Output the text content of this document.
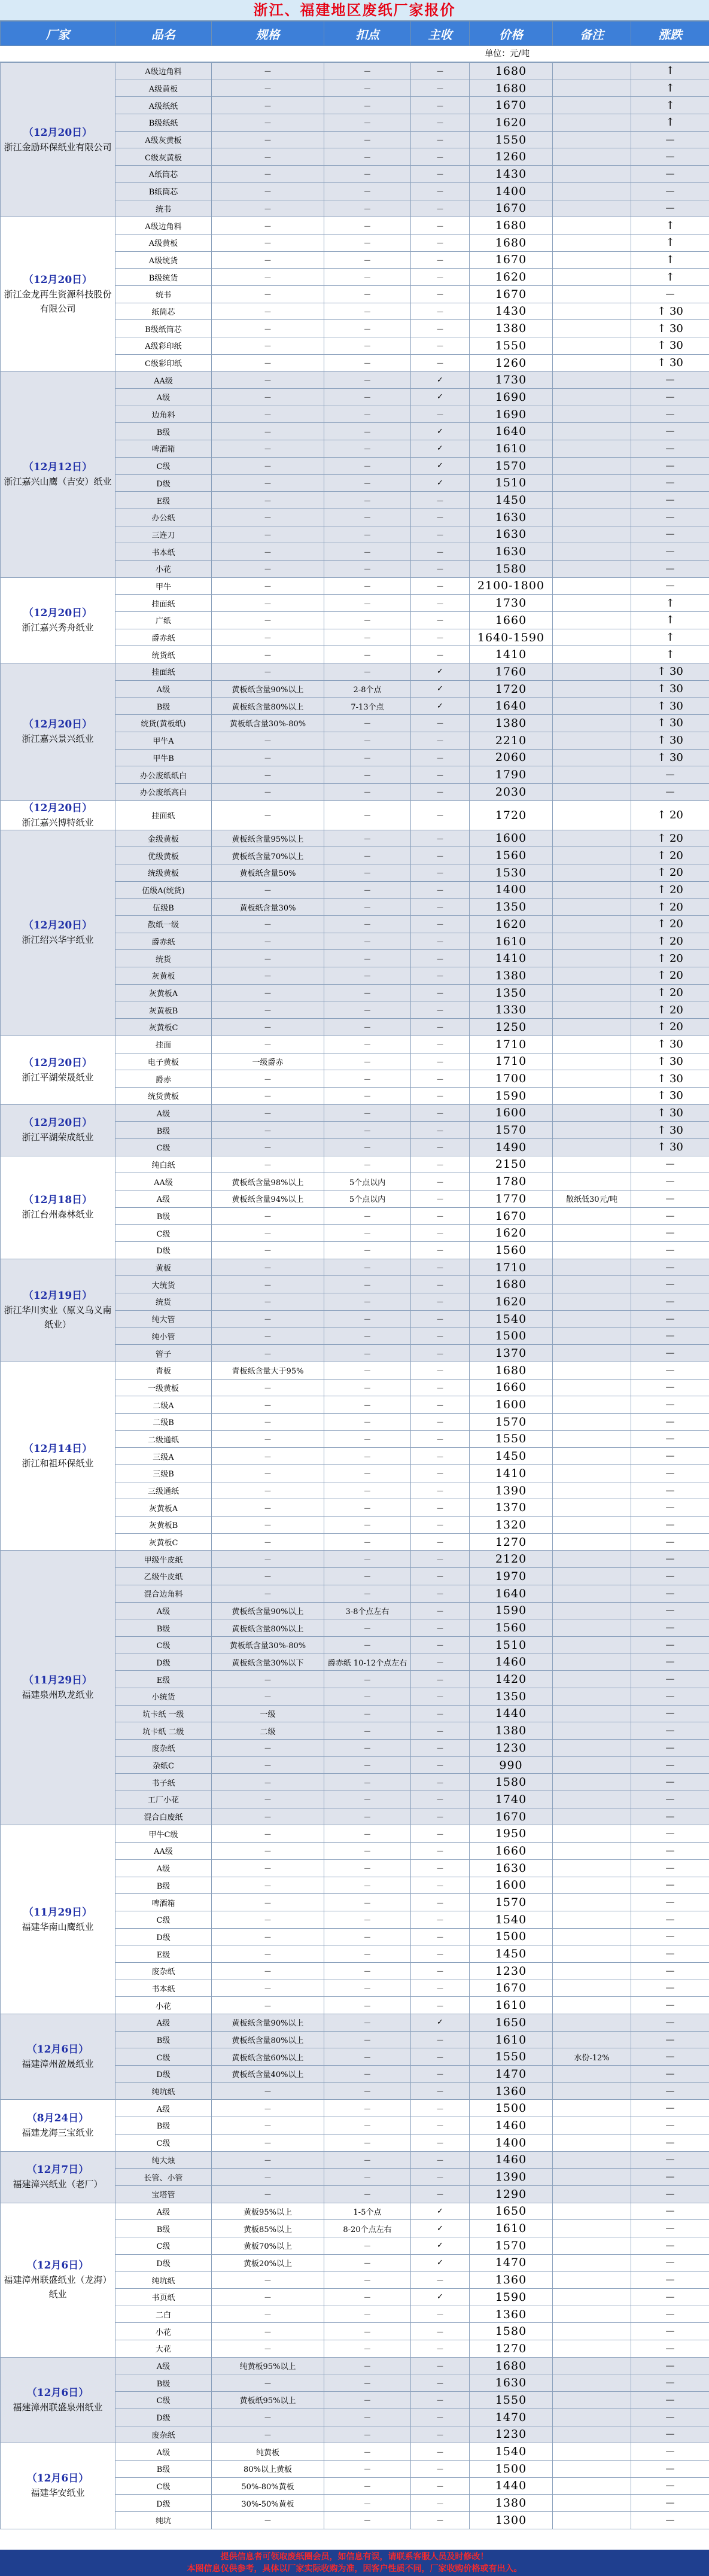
浙江、福建地区废纸厂家报价
厂家	品名	规格	扣点	主收	价格	备注	涨跌
单位：元/吨
（12月20日）
浙江金励环保纸业有限公司	A级边角料	－	－	－	1680		↑
	A级黄板	－	－	－	1680		↑
	A级纸纸	－	－	－	1670		↑
	B级纸纸	－	－	－	1620		↑
	A级灰黄板	－	－	－	1550		－
	C级灰黄板	－	－	－	1260		－
	A纸筒芯	－	－	－	1430		－
	B纸筒芯	－	－	－	1400		－
	统书	－	－	－	1670		－

（12月20日）
浙江金龙再生资源科技股份有限公司	A级边角料	－	－	－	1680		↑
	A级黄板	－	－	－	1680		↑
	A级统货	－	－	－	1670		↑
	B级统货	－	－	－	1620		↑
	统书	－	－	－	1670		－
	纸筒芯	－	－	－	1430		↑ 30
	B级纸筒芯	－	－	－	1380		↑ 30
	A级彩印纸	－	－	－	1550		↑ 30
	C级彩印纸	－	－	－	1260		↑ 30

（12月12日）
浙江嘉兴山鹰（吉安）纸业	AA级	－	－	✓	1730		－
	A级	－	－	✓	1690		－
	边角料	－	－	－	1690		－
	B级	－	－	✓	1640		－
	啤酒箱	－	－	✓	1610		－
	C级	－	－	✓	1570		－
	D级	－	－	✓	1510		－
	E级	－	－	－	1450		－
	办公纸	－	－	－	1630		－
	三连刀	－	－	－	1630		－
	书本纸	－	－	－	1630		－
	小花	－	－	－	1580		－

（12月20日）
浙江嘉兴秀舟纸业	甲牛	－	－	－	2100-1800		－
	挂面纸	－	－	－	1730		↑
	广纸	－	－	－	1660		↑
	爵赤纸	－	－	－	1640-1590		↑
	统货纸	－	－	－	1410		↑

（12月20日）
浙江嘉兴景兴纸业	挂面纸	－	－	✓	1760		↑ 30
	A级	黄板纸含量90%以上	2-8个点	✓	1720		↑ 30
	B级	黄板纸含量80%以上	7-13个点	✓	1640		↑ 30
	统货(黄板纸)	黄板纸含量30%-80%	－	－	1380		↑ 30
	甲牛A	－	－	－	2210		↑ 30
	甲牛B	－	－	－	2060		↑ 30
	办公废纸纸白	－	－	－	1790		－
	办公废纸高白	－	－	－	2030		－

（12月20日）
浙江嘉兴博特纸业	挂面纸	－	－	－	1720		↑ 20

（12月20日）
浙江绍兴华宇纸业	金级黄板	黄板纸含量95%以上	－	－	1600		↑ 20
	优级黄板	黄板纸含量70%以上	－	－	1560		↑ 20
	统级黄板	黄板纸含量50%	－	－	1530		↑ 20
	伍级A(统货)	－	－	－	1400		↑ 20
	伍级B	黄板纸含量30%	－	－	1350		↑ 20
	散纸一级	－	－	－	1620		↑ 20
	爵赤纸	－	－	－	1610		↑ 20
	统货	－	－	－	1410		↑ 20
	灰黄板	－	－	－	1380		↑ 20
	灰黄板A	－	－	－	1350		↑ 20
	灰黄板B	－	－	－	1330		↑ 20
	灰黄板C	－	－	－	1250		↑ 20

（12月20日）
浙江平湖荣晟纸业	挂面	－	－	－	1710		↑ 30
	电子黄板	一级爵赤	－	－	1710		↑ 30
	爵赤	－	－	－	1700		↑ 30
	统货黄板	－	－	－	1590		↑ 30

（12月20日）
浙江平湖荣成纸业	A级	－	－	－	1600		↑ 30
	B级	－	－	－	1570		↑ 30
	C级	－	－	－	1490		↑ 30

（12月18日）
浙江台州森林纸业	纯白纸	－	－	－	2150		－
	AA级	黄板纸含量98%以上	5个点以内	－	1780		－
	A级	黄板纸含量94%以上	5个点以内	－	1770	散纸低30元/吨	－
	B级	－	－	－	1670		－
	C级	－	－	－	1620		－
	D级	－	－	－	1560		－

（12月19日）
浙江华川实业（原义乌义南纸业）	黄板	－	－	－	1710		－
	大统货	－	－	－	1680		－
	统货	－	－	－	1620		－
	纯大管	－	－	－	1540		－
	纯小管	－	－	－	1500		－
	管子	－	－	－	1370		－

（12月14日）
浙江和祖环保纸业	青板	青板纸含量大于95%	－	－	1680		－
	一级黄板	－	－	－	1660		－
	二级A	－	－	－	1600		－
	二级B	－	－	－	1570		－
	二级通纸	－	－	－	1550		－
	三级A	－	－	－	1450		－
	三级B	－	－	－	1410		－
	三级通纸	－	－	－	1390		－
	灰黄板A	－	－	－	1370		－
	灰黄板B	－	－	－	1320		－
	灰黄板C	－	－	－	1270		－

（11月29日）
福建泉州玖龙纸业	甲级牛皮纸	－	－	－	2120		－
	乙级牛皮纸	－	－	－	1970		－
	混合边角料	－	－	－	1640		－
	A级	黄板纸含量90%以上	3-8个点左右	－	1590		－
	B级	黄板纸含量80%以上	－	－	1560		－
	C级	黄板纸含量30%-80%	－	－	1510		－
	D级	黄板纸含量30%以下	爵赤纸 10-12个点左右	－	1460		－
	E级	－	－	－	1420		－
	小统货	－	－	－	1350		－
	坑卡纸 一级	一级	－	－	1440		－
	坑卡纸 二级	二级	－	－	1380		－
	废杂纸	－	－	－	1230		－
	杂纸C	－	－	－	990		－
	书子纸	－	－	－	1580		－
	工厂小花	－	－	－	1740		－
	混合白废纸	－	－	－	1670		－

（11月29日）
福建华南山鹰纸业	甲牛C级	－	－	－	1950		－
	AA级	－	－	－	1660		－
	A级	－	－	－	1630		－
	B级	－	－	－	1600		－
	啤酒箱	－	－	－	1570		－
	C级	－	－	－	1540		－
	D级	－	－	－	1500		－
	E级	－	－	－	1450		－
	废杂纸	－	－	－	1230		－
	书本纸	－	－	－	1670		－
	小花	－	－	－	1610		－

（12月6日）
福建漳州盈晟纸业	A级	黄板纸含量90%以上	－	✓	1650		－
	B级	黄板纸含量80%以上	－	－	1610		－
	C级	黄板纸含量60%以上	－	－	1550	水份-12%	－
	D级	黄板纸含量40%以上	－	－	1470		－
	纯坑纸	－	－	－	1360		－

（8月24日）
福建龙海三宝纸业	A级	－	－	－	1500		－
	B级	－	－	－	1460		－
	C级	－	－	－	1400		－

（12月7日）
福建漳兴纸业（老厂）	纯大烛	－	－	－	1460		－
	长管、小管	－	－	－	1390		－
	宝塔管	－	－	－	1290		－

（12月6日）
福建漳州联盛纸业（龙海）纸业	A级	黄板95%以上	1-5个点	✓	1650		－
	B级	黄板85%以上	8-20个点左右	✓	1610		－
	C级	黄板70%以上	－	✓	1570		－
	D级	黄板20%以上	－	✓	1470		－
	纯坑纸	－	－	－	1360		－
	书页纸	－	－	✓	1590		－
	二白	－	－	－	1360		－
	小花	－	－	－	1580		－
	大花	－	－	－	1270		－

（12月6日）
福建漳州联盛泉州纸业	A级	纯黄板95%以上	－	－	1680		－
	B级	－	－	－	1630		－
	C级	黄板纸95%以上	－	－	1550		－
	D级	－	－	－	1470		－
	废杂纸	－	－	－	1230		－

（12月6日）
福建华安纸业	A级	纯黄板	－	－	1540		－
	B级	80%以上黄板	－	－	1500		－
	C级	50%-80%黄板	－	－	1440		－
	D级	30%-50%黄板	－	－	1380		－
	纯坑	－	－	－	1300		－
提供信息者可领取废纸圈会员，如信息有误，请联系客服人员及时修改！
本图信息仅供参考，具体以厂家实际收购为准，因客户性质不同，厂家收购价格或有出入。
